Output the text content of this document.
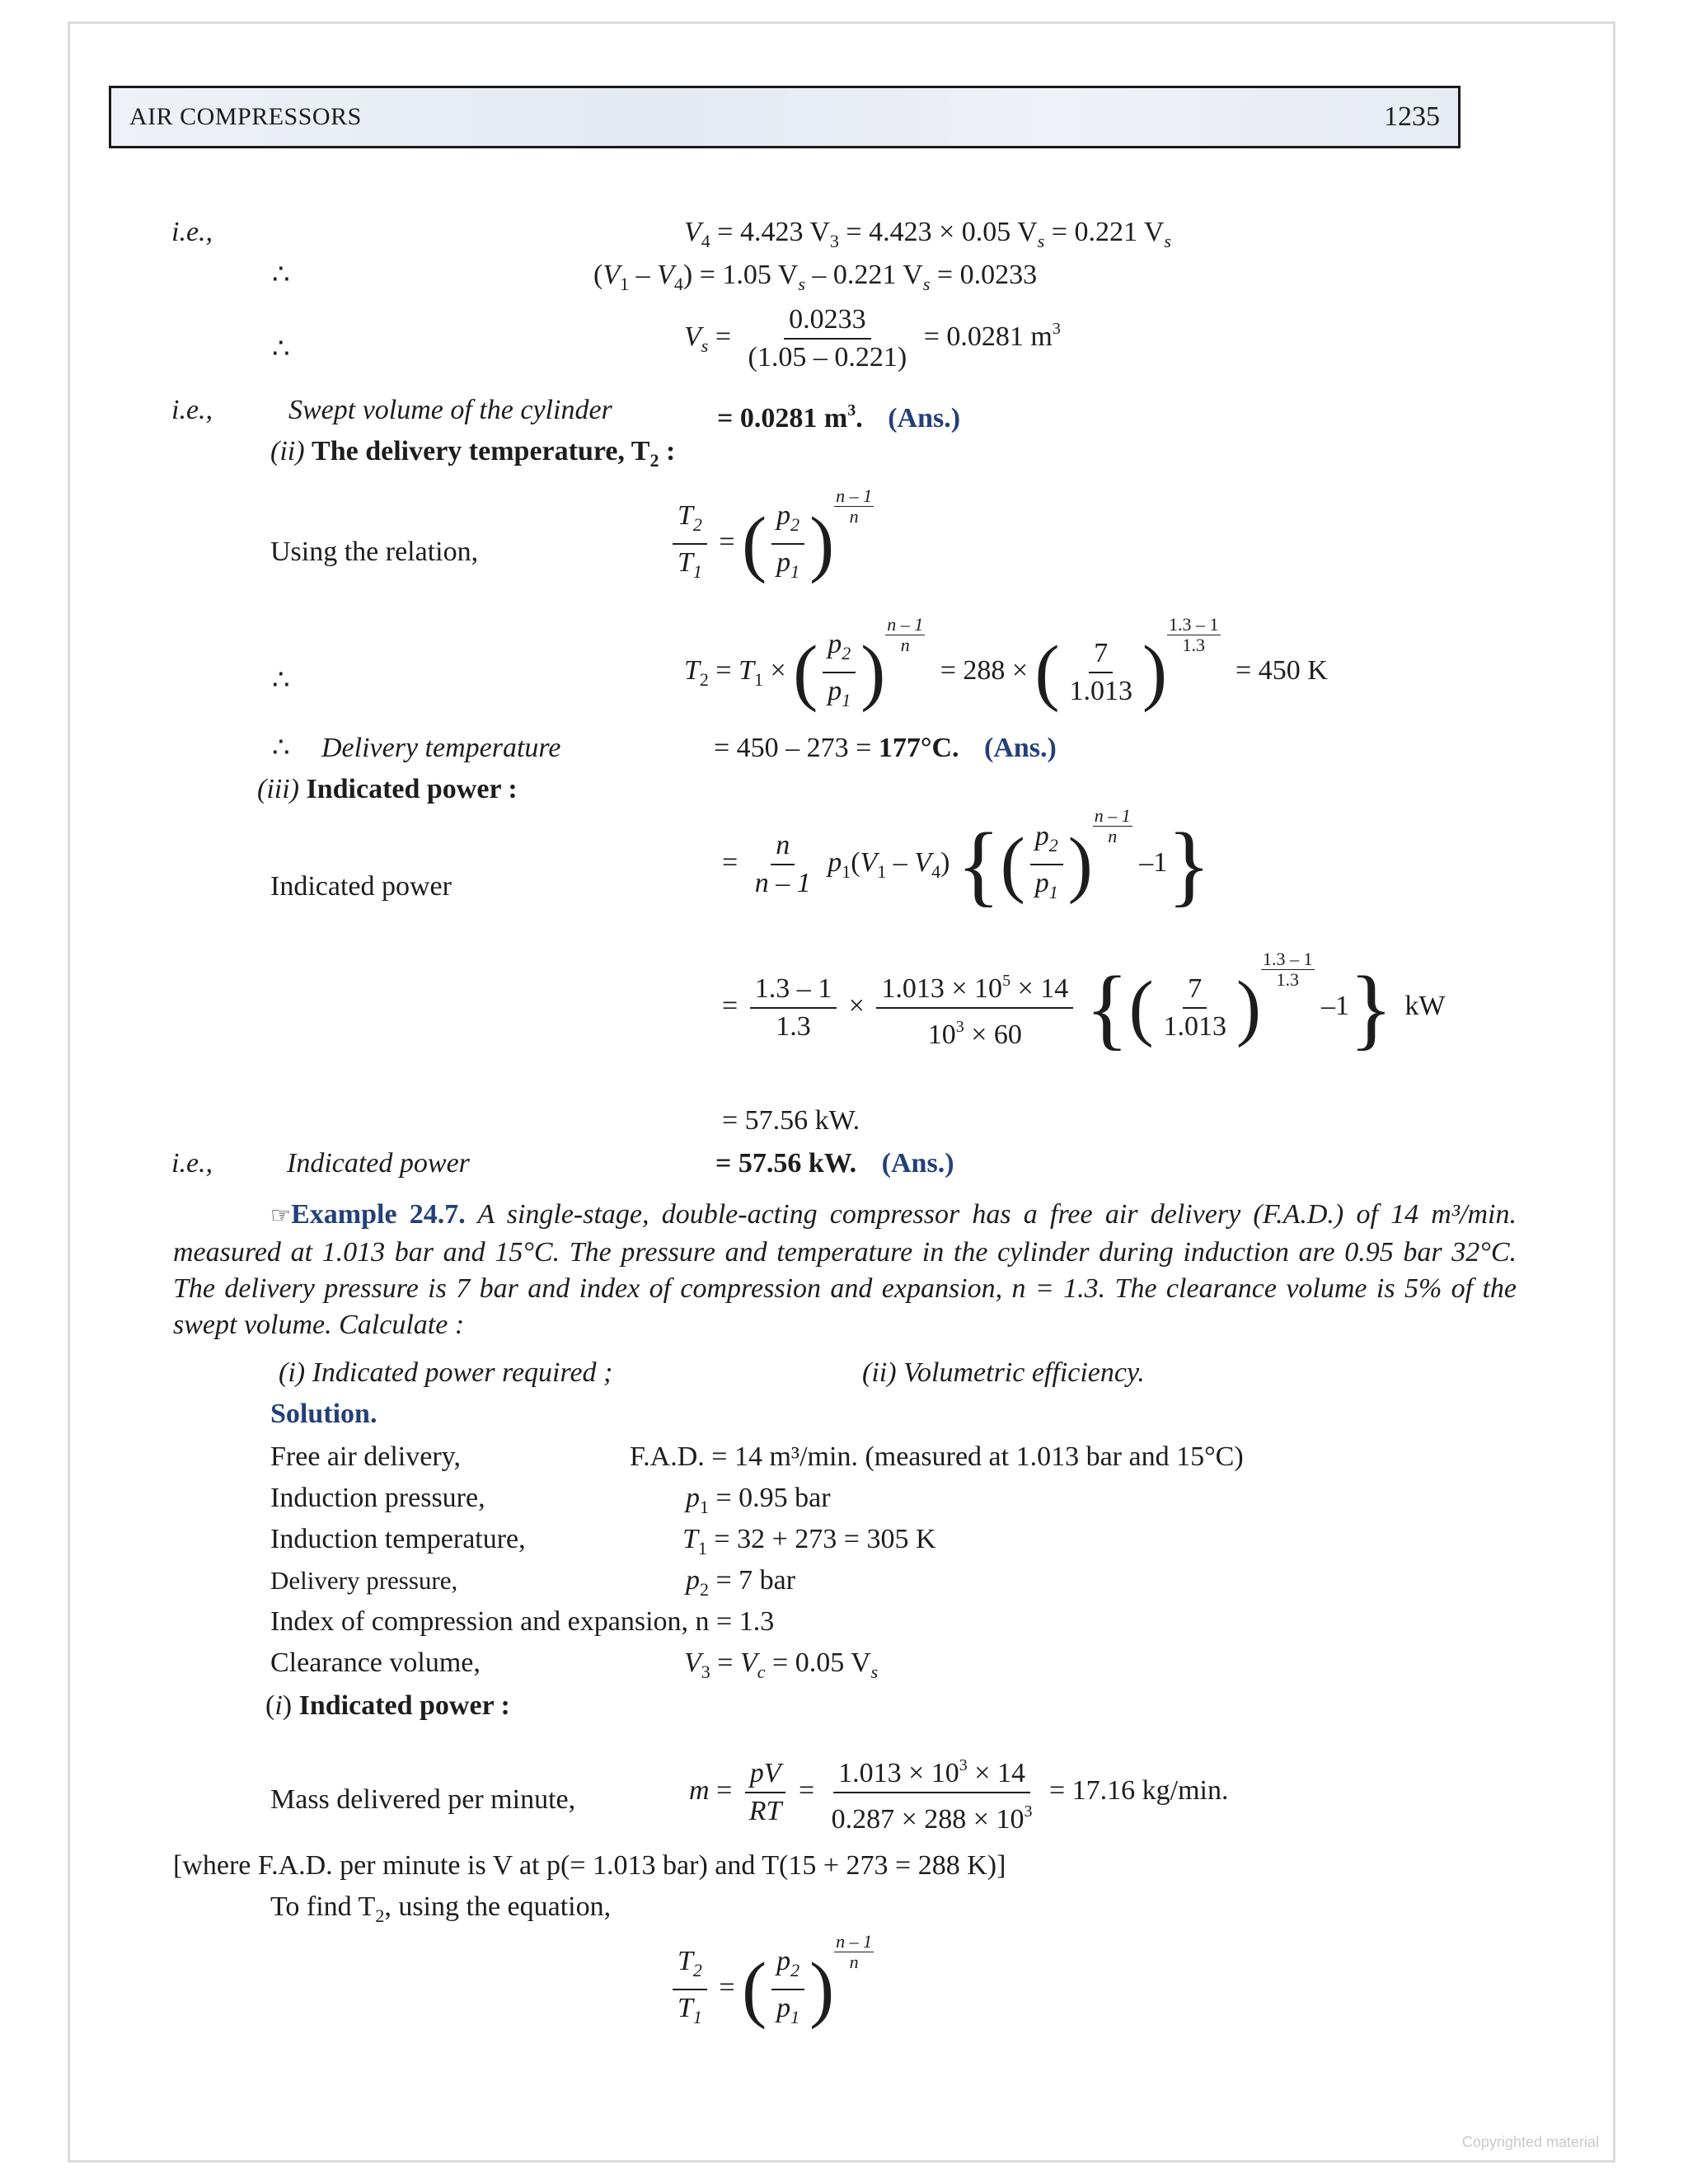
AIR COMPRESSORS	1235
i.e.,	$V_4 = 4.423$ $V_3 = 4.423 \times 0.05$ $V_s = 0.221$ $V_s$
∴	$(V_1 - V_4) = 1.05$ $V_s - 0.221$ $V_s = 0.0233$
∴	$V_s = \frac{0.0233}{(1.05 - 0.221)} = 0.0281$ $m^3$
i.e.,	Swept volume of the cylinder	= 0.0281 $m^3$. (Ans.)
(ii) The delivery temperature, $T_2$ :
Using the relation,	$\frac{T_2}{T_1}$ = ( $\frac{p_2}{p_1}$ ) $\frac{n - 1}{n}$
∴	$T_2 = T_1$ × ( $\frac{p_2}{p_1}$ ) $\frac{n - 1}{n}$
= 288 × ( $\frac{7}{1.013}$ ) $\frac{1.3 - 1}{1.3}$
= 450 K
∴ Delivery temperature	= 450 – 273 = 177°C. (Ans.)
(iii) Indicated power :
Indicated power
= $\frac{n}{n - 1} p_1(V_1 - V_4)$ {( $\frac{p_2}{p_1}$ ) $\frac{n - 1}{n}$
–1}
= $\frac{1.3 - 1}{1.3} \times \frac{1.013 \times 10^5 \times 14}{10^3 \times 60}$ {( $\frac{7}{1.013}$ ) $\frac{1.3 - 1}{1.3}$
–1} kW
= 57.56 kW.
i.e.,	Indicated power	= 57.56 kW. (Ans.)
☞Example 24.7. A single-stage, double-acting compressor has a free air delivery (F.A.D.) of 14 m³/min. measured at 1.013 bar and 15°C. The pressure and temperature in the cylinder during induction are 0.95 bar 32°C. The delivery pressure is 7 bar and index of compression and expansion, n = 1.3. The clearance volume is 5% of the swept volume. Calculate :
(i) Indicated power required ;	(ii) Volumetric efficiency.
Solution.
Free air delivery,	F.A.D. = 14 m³/min. (measured at 1.013 bar and 15°C)
Induction pressure,	$p_1 = 0.95$ bar
Induction temperature,	$T_1 = 32 + 273 = 305$ K
Delivery pressure,	$p_2 = 7$ bar
Index of compression and expansion, n = 1.3
Clearance volume,	$V_3 = V_c = 0.05$ $V_s$
(i) Indicated power :
Mass delivered per minute,	$m = \frac{pV}{RT} = \frac{1.013 \times 10^3 \times 14}{0.287 \times 288 \times 10^3} = 17.16$ kg/min.
[where F.A.D. per minute is V at p(= 1.013 bar) and T(15 + 273 = 288 K)]
To find $T_2$, using the equation,
$\frac{T_2}{T_1}$ = ( $\frac{p_2}{p_1}$ ) $\frac{n - 1}{n}$
Copyrighted material
